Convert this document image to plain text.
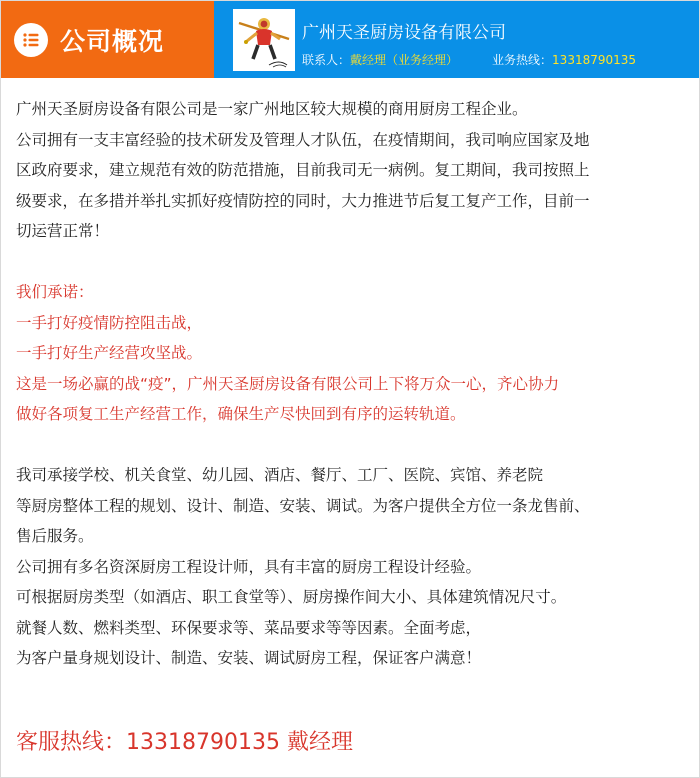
公司概况	广州天圣厨房设备有限公司
联系人：戴经理（业务经理）	业务热线：13318790135

广州天圣厨房设备有限公司是一家广州地区较大规模的商用厨房工程企业。

公司拥有一支丰富经验的技术研发及管理人才队伍，在疫情期间，我司响应国家及地

区政府要求，建立规范有效的防范措施，目前我司无一病例。复工期间，我司按照上

级要求，在多措并举扎实抓好疫情防控的同时，大力推进节后复工复产工作，目前一

切运营正常！

我们承诺：

一手打好疫情防控阻击战，

一手打好生产经营攻坚战。

这是一场必赢的战“疫”，广州天圣厨房设备有限公司上下将万众一心，齐心协力

做好各项复工生产经营工作，确保生产尽快回到有序的运转轨道。

我司承接学校、机关食堂、幼儿园、酒店、餐厅、工厂、医院、宾馆、养老院

等厨房整体工程的规划、设计、制造、安装、调试。为客户提供全方位一条龙售前、

售后服务。

公司拥有多名资深厨房工程设计师，具有丰富的厨房工程设计经验。

可根据厨房类型（如酒店、职工食堂等）、厨房操作间大小、具体建筑情况尺寸。

就餐人数、燃料类型、环保要求等、菜品要求等等因素。全面考虑，

为客户量身规划设计、制造、安装、调试厨房工程，保证客户满意！

客服热线：13318790135 戴经理
